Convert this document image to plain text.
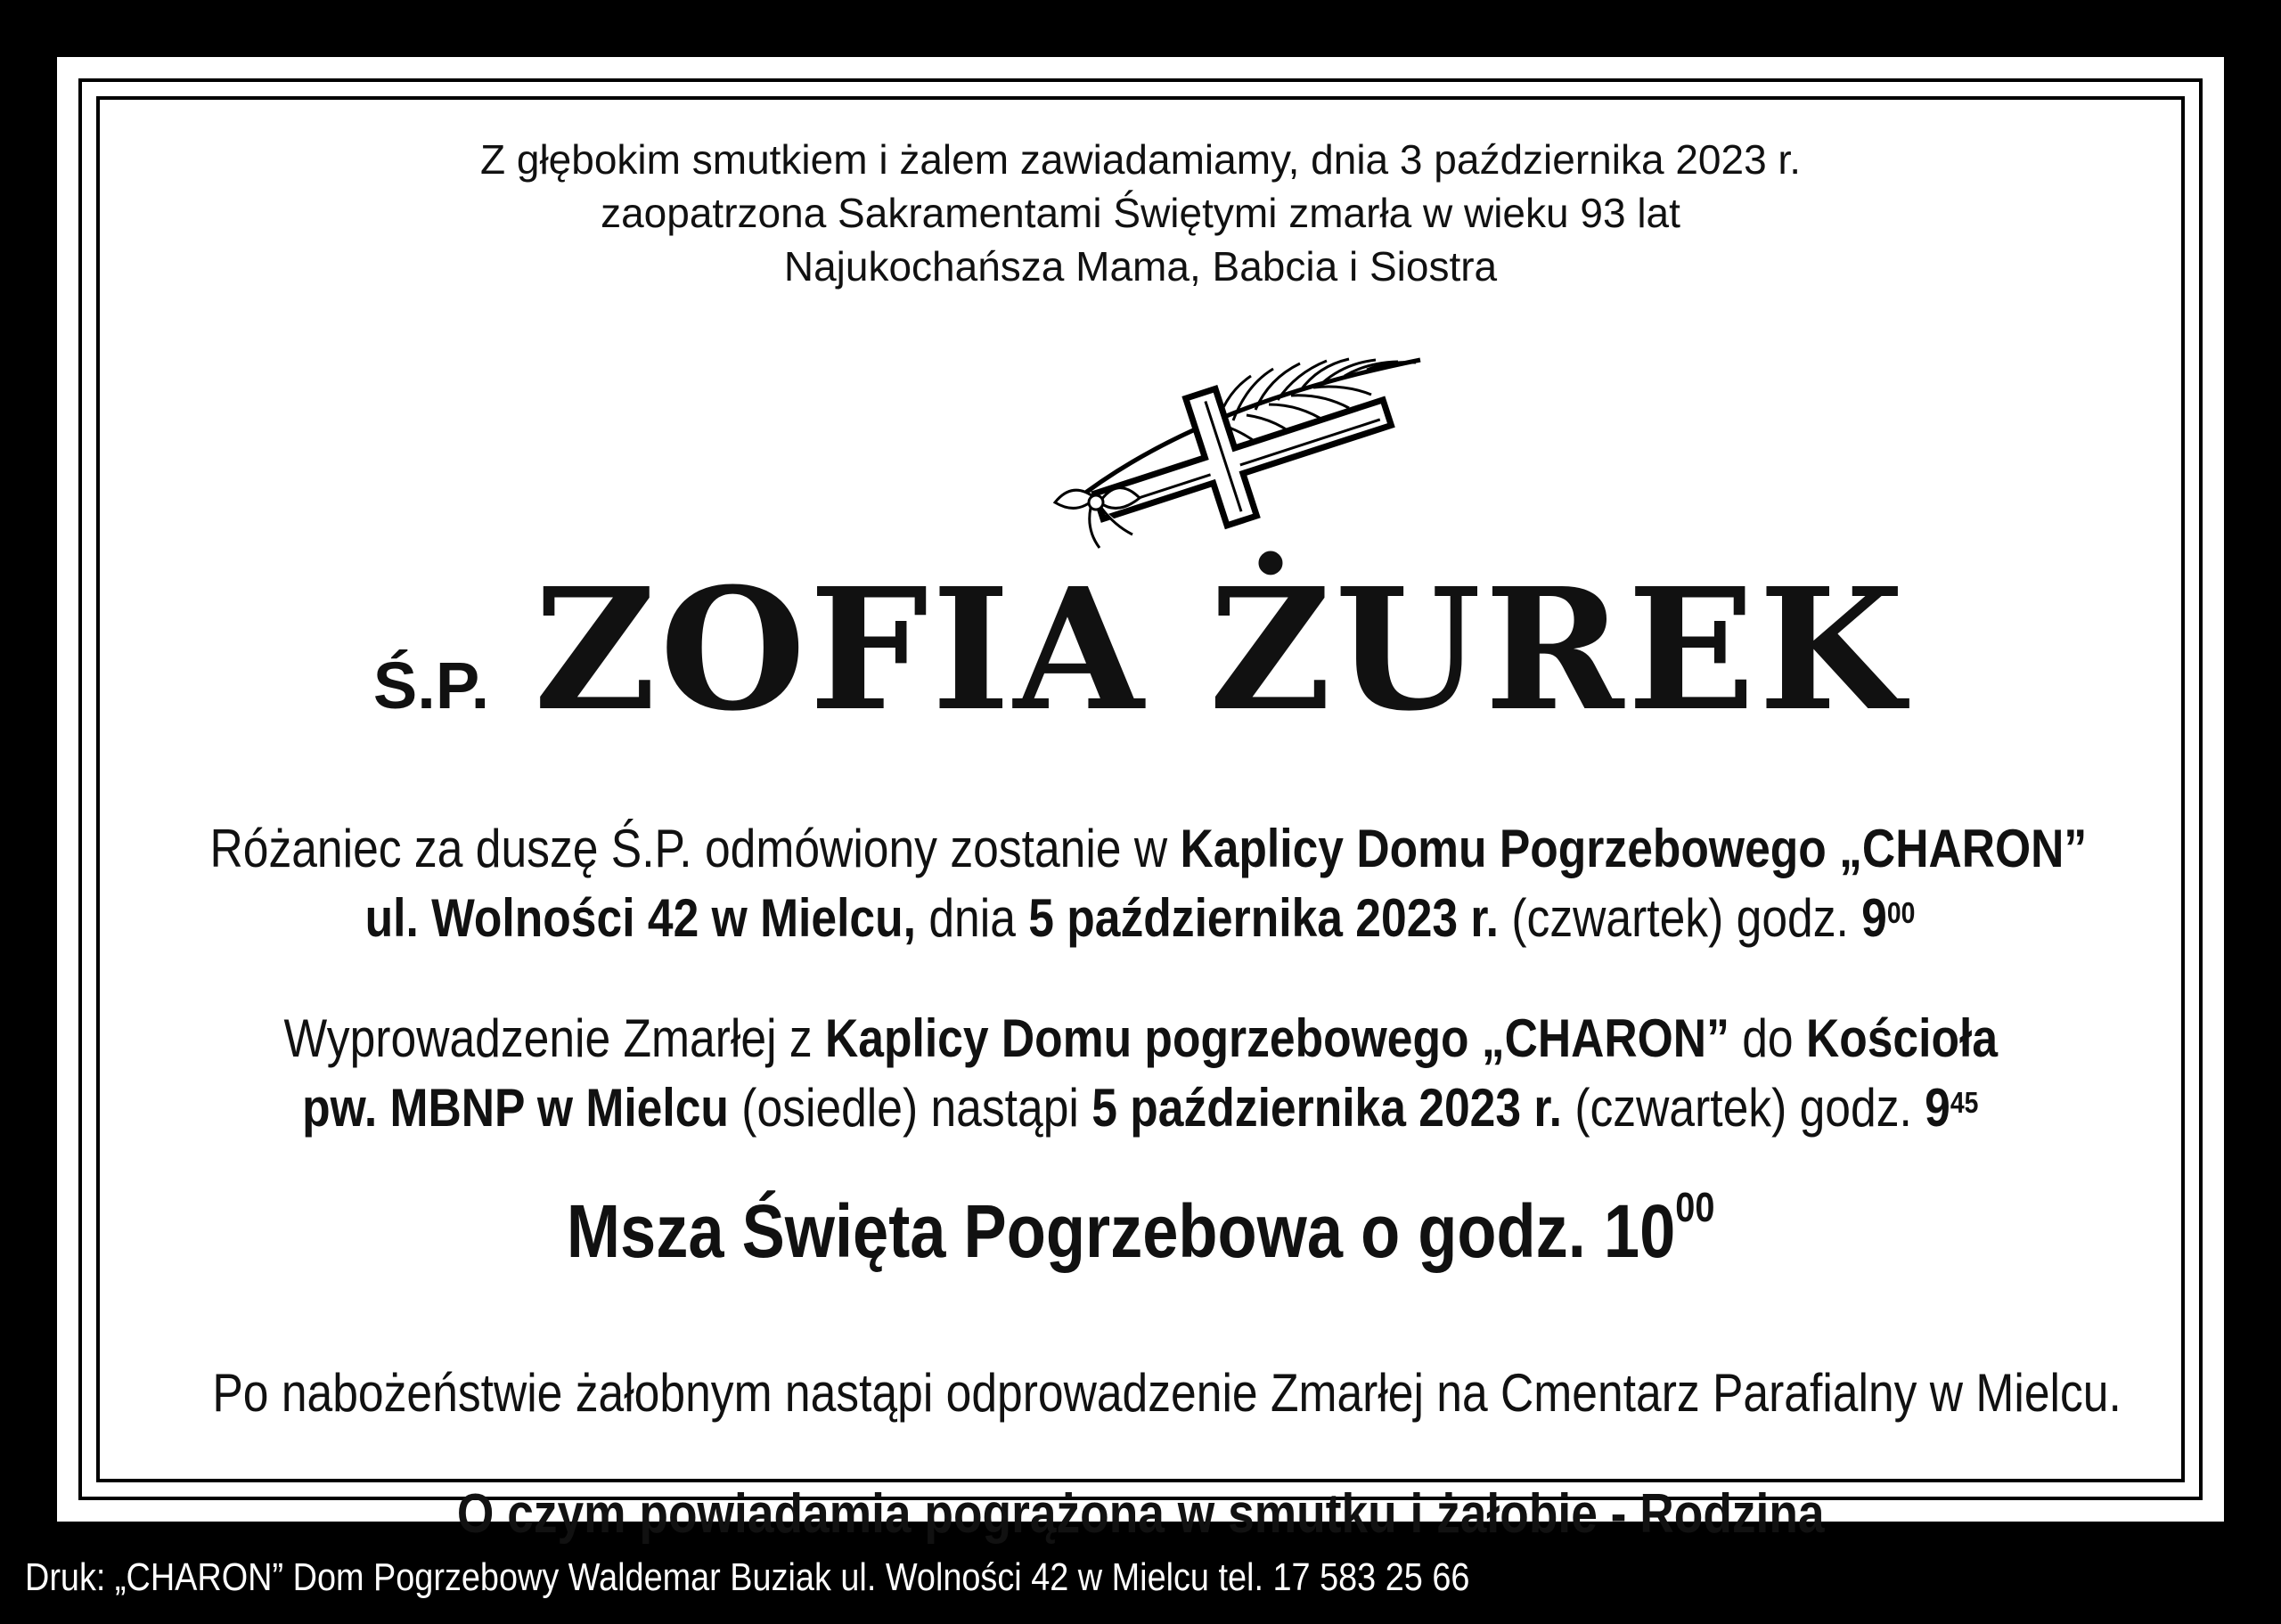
Z głębokim smutkiem i żalem zawiadamiamy, dnia 3 października 2023 r.
zaopatrzona Sakramentami Świętymi zmarła w wieku 93 lat
Najukochańsza Mama, Babcia i Siostra
Ś.P. ZOFIA ŻUREK
Różaniec za duszę Ś.P. odmówiony zostanie w Kaplicy Domu Pogrzebowego „CHARON”
ul. Wolności 42 w Mielcu, dnia 5 października 2023 r. (czwartek) godz. $9^{00}$
Wyprowadzenie Zmarłej z Kaplicy Domu pogrzebowego „CHARON” do Kościoła
pw. MBNP w Mielcu (osiedle) nastąpi 5 października 2023 r. (czwartek) godz. $9^{45}$
Msza Święta Pogrzebowa o godz. $10^{00}$
Po nabożeństwie żałobnym nastąpi odprowadzenie Zmarłej na Cmentarz Parafialny w Mielcu.
O czym powiadamia pogrążona w smutku i żałobie - Rodzina
Druk: „CHARON” Dom Pogrzebowy Waldemar Buziak ul. Wolności 42 w Mielcu tel. 17 583 25 66
